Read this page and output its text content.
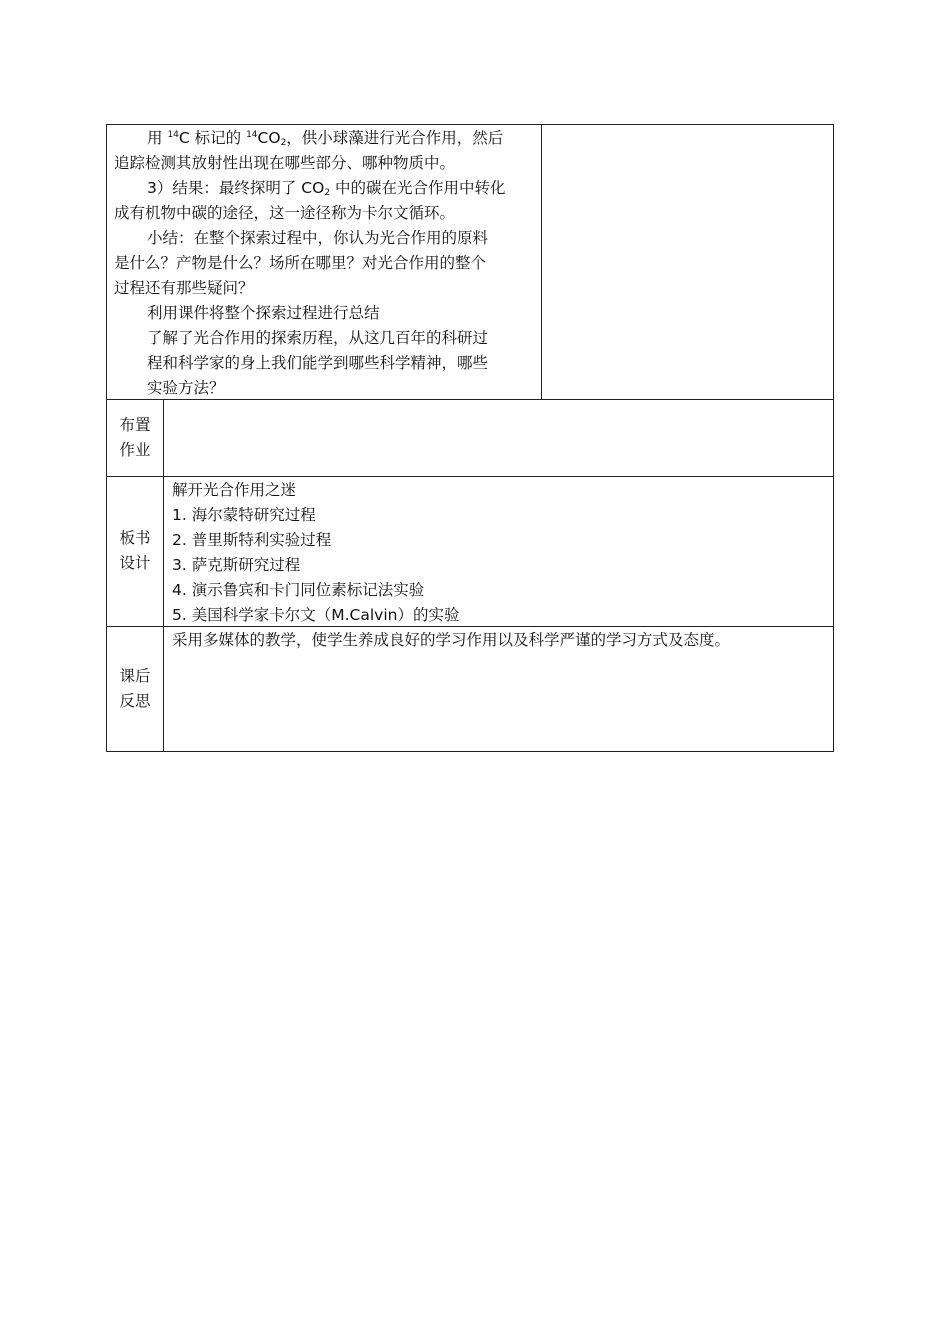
用 $^{14}$C 标记的 $^{14}CO_2$，供小球藻进行光合作用，然后

追踪检测其放射性出现在哪些部分、哪种物质中。

3）结果：最终探明了 $CO_2$ 中的碳在光合作用中转化

成有机物中碳的途径，这一途径称为卡尔文循环。

小结：在整个探索过程中，你认为光合作用的原料

是什么？产物是什么？场所在哪里？对光合作用的整个

过程还有那些疑问？

利用课件将整个探索过程进行总结

了解了光合作用的探索历程，从这几百年的科研过

程和科学家的身上我们能学到哪些科学精神，哪些

实验方法？

布置
作业
板书
设计

解开光合作用之迷

1. 海尔蒙特研究过程

2. 普里斯特利实验过程

3. 萨克斯研究过程

4. 演示鲁宾和卡门同位素标记法实验

5. 美国科学家卡尔文（M.Calvin）的实验

课后
反思

采用多媒体的教学，使学生养成良好的学习作用以及科学严谨的学习方式及态度。
